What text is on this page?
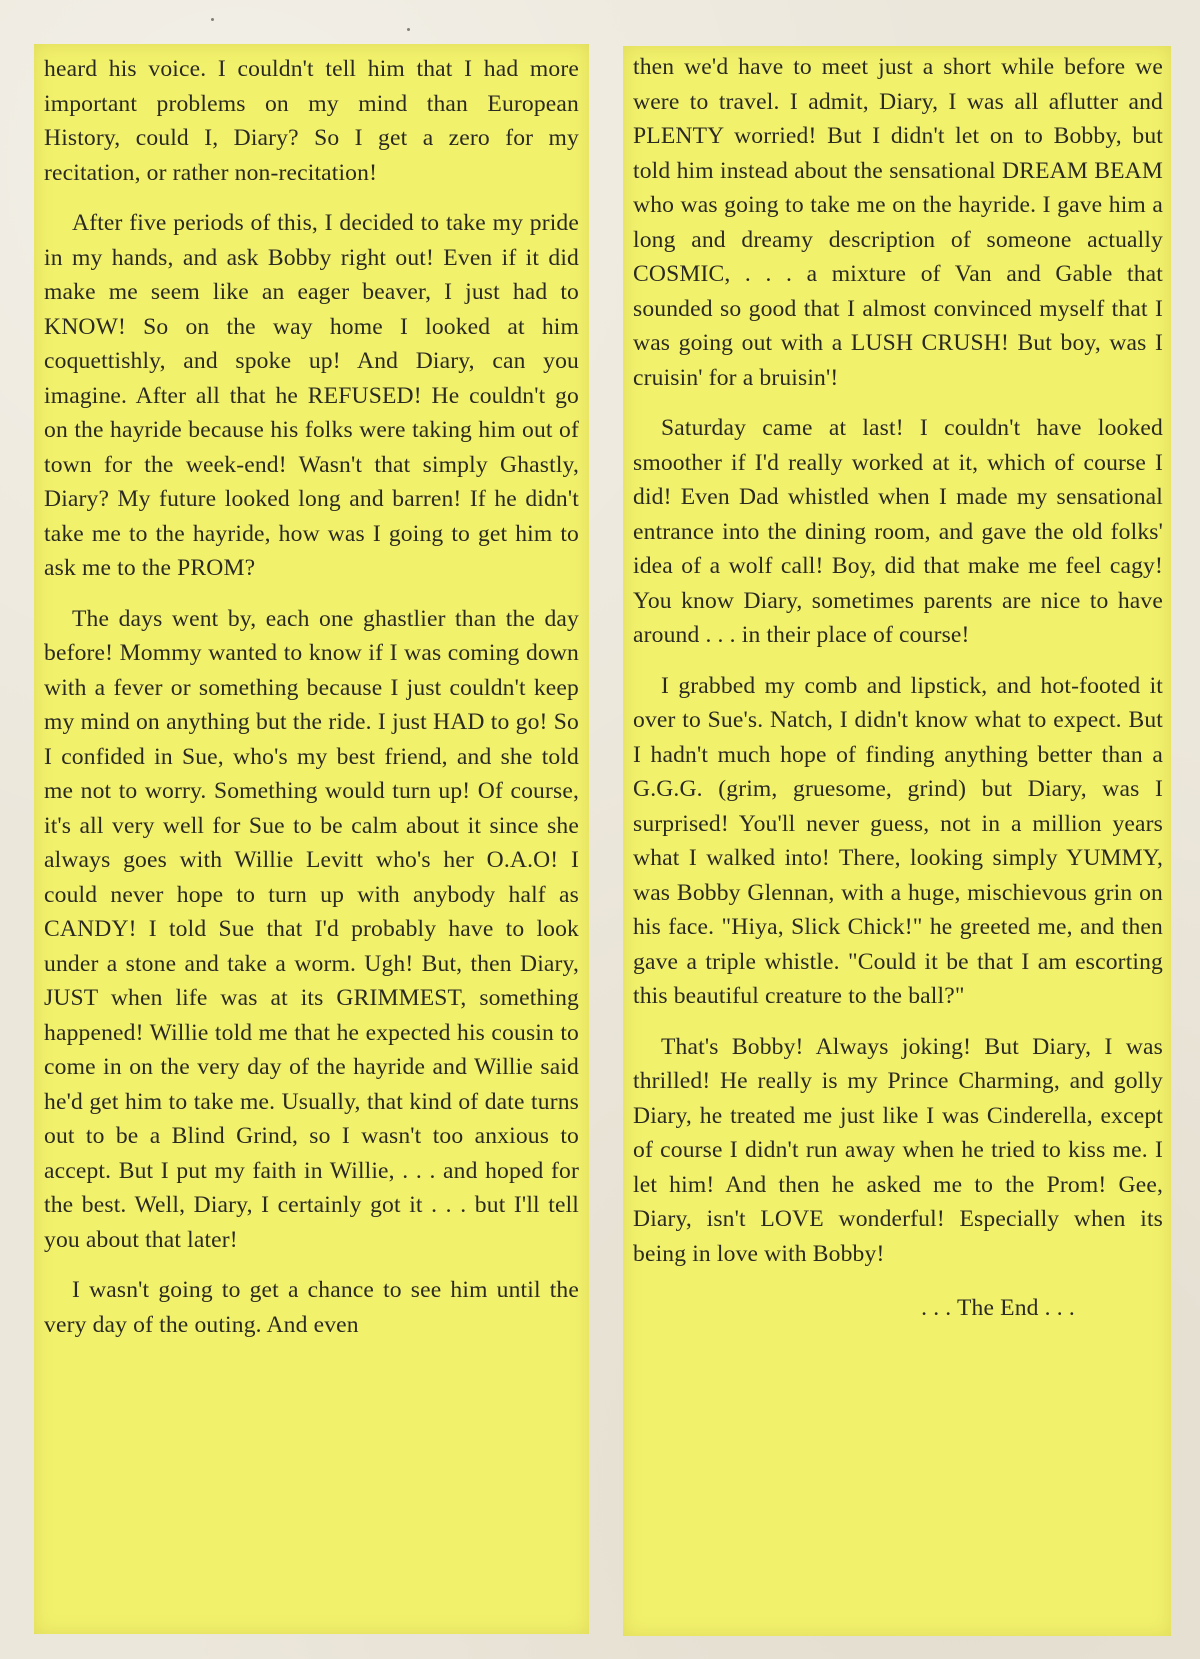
heard his voice. I couldn't tell him that I had more important problems on my mind than European History, could I, Diary? So I get a zero for my recitation, or rather non-recitation!

After five periods of this, I decided to take my pride in my hands, and ask Bobby right out! Even if it did make me seem like an eager beaver, I just had to KNOW! So on the way home I looked at him coquettishly, and spoke up! And Diary, can you imagine. After all that he REFUSED! He couldn't go on the hayride because his folks were taking him out of town for the week-end! Wasn't that simply Ghastly, Diary? My future looked long and barren! If he didn't take me to the hayride, how was I going to get him to ask me to the PROM?

The days went by, each one ghastlier than the day before! Mommy wanted to know if I was coming down with a fever or something because I just couldn't keep my mind on anything but the ride. I just HAD to go! So I confided in Sue, who's my best friend, and she told me not to worry. Something would turn up! Of course, it's all very well for Sue to be calm about it since she always goes with Willie Levitt who's her O.A.O! I could never hope to turn up with anybody half as CANDY! I told Sue that I'd probably have to look under a stone and take a worm. Ugh! But, then Diary, JUST when life was at its GRIMMEST, something happened! Willie told me that he expected his cousin to come in on the very day of the hayride and Willie said he'd get him to take me. Usually, that kind of date turns out to be a Blind Grind, so I wasn't too anxious to accept. But I put my faith in Willie, . . . and hoped for the best. Well, Diary, I certainly got it . . . but I'll tell you about that later!

I wasn't going to get a chance to see him until the very day of the outing. And even

then we'd have to meet just a short while before we were to travel. I admit, Diary, I was all aflutter and PLENTY worried! But I didn't let on to Bobby, but told him instead about the sensational DREAM BEAM who was going to take me on the hayride. I gave him a long and dreamy description of someone actually COSMIC, . . . a mixture of Van and Gable that sounded so good that I almost convinced myself that I was going out with a LUSH CRUSH! But boy, was I cruisin' for a bruisin'!

Saturday came at last! I couldn't have looked smoother if I'd really worked at it, which of course I did! Even Dad whistled when I made my sensational entrance into the dining room, and gave the old folks' idea of a wolf call! Boy, did that make me feel cagy! You know Diary, sometimes parents are nice to have around . . . in their place of course!

I grabbed my comb and lipstick, and hot-footed it over to Sue's. Natch, I didn't know what to expect. But I hadn't much hope of finding anything better than a G.G.G. (grim, gruesome, grind) but Diary, was I surprised! You'll never guess, not in a million years what I walked into! There, looking simply YUMMY, was Bobby Glennan, with a huge, mischievous grin on his face. "Hiya, Slick Chick!" he greeted me, and then gave a triple whistle. "Could it be that I am escorting this beautiful creature to the ball?"

That's Bobby! Always joking! But Diary, I was thrilled! He really is my Prince Charming, and golly Diary, he treated me just like I was Cinderella, except of course I didn't run away when he tried to kiss me. I let him! And then he asked me to the Prom! Gee, Diary, isn't LOVE wonderful! Especially when its being in love with Bobby!

. . . The End . . .
